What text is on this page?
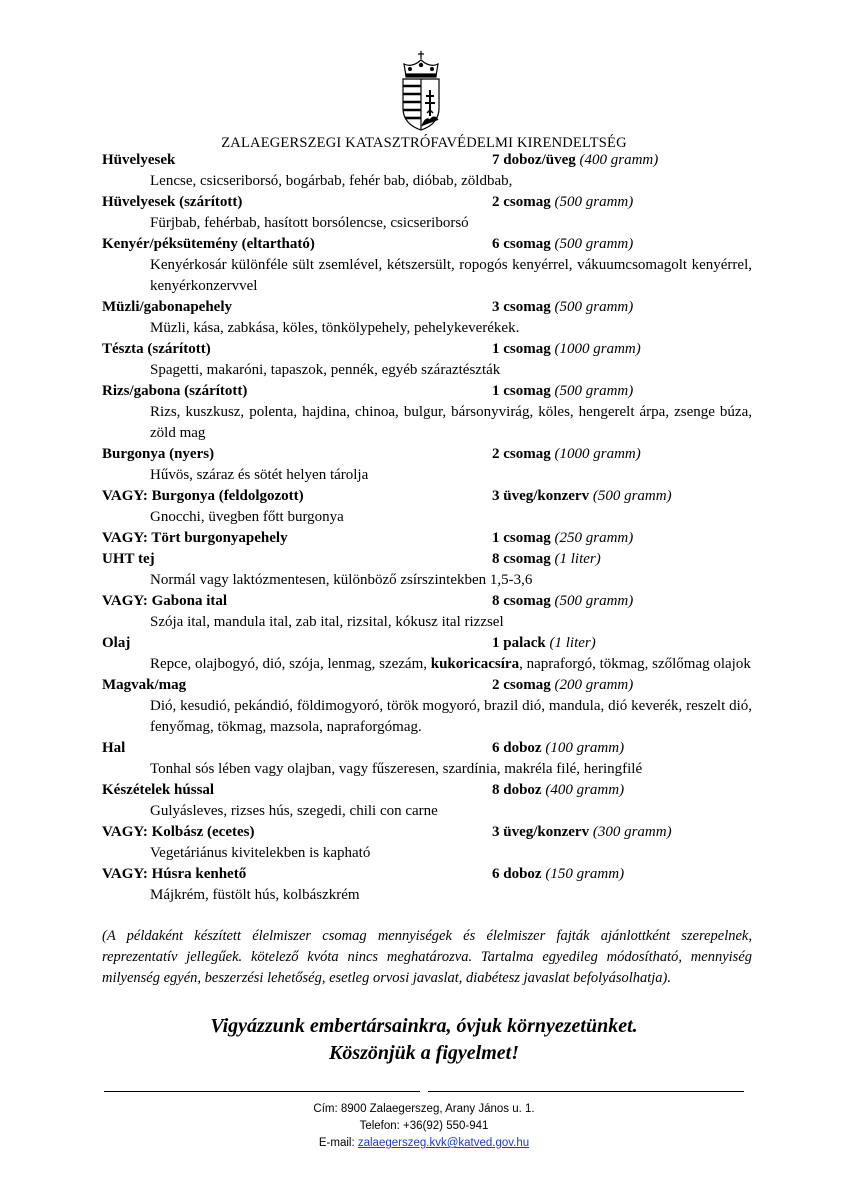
ZALAEGERSZEGI KATASZTRÓFAVÉDELMI KIRENDELTSÉG
Hüvelyesek	7 doboz/üveg (400 gramm)
Lencse, csicseriborsó, bogárbab, fehér bab, dióbab, zöldbab,
Hüvelyesek (szárított)	2 csomag (500 gramm)
Fürjbab, fehérbab, hasított borsólencse, csicseriborsó
Kenyér/péksütemény (eltartható)	6 csomag (500 gramm)
Kenyérkosár különféle sült zsemlével, kétszersült, ropogós kenyérrel, vákuumcsomagolt kenyérrel, kenyérkonzervvel
Müzli/gabonapehely	3 csomag (500 gramm)
Müzli, kása, zabkása, köles, tönkölypehely, pehelykeverékek.
Tészta (szárított)	1 csomag (1000 gramm)
Spagetti, makaróni, tapaszok, pennék, egyéb száraztészták
Rizs/gabona (szárított)	1 csomag (500 gramm)
Rizs, kuszkusz, polenta, hajdina, chinoa, bulgur, bársonyvirág, köles, hengerelt árpa, zsenge búza, zöld mag
Burgonya (nyers)	2 csomag (1000 gramm)
Hűvös, száraz és sötét helyen tárolja
VAGY: Burgonya (feldolgozott)	3 üveg/konzerv (500 gramm)
Gnocchi, üvegben főtt burgonya
VAGY: Tört burgonyapehely	1 csomag (250 gramm)
UHT tej	8 csomag (1 liter)
Normál vagy laktózmentesen, különböző zsírszintekben 1,5-3,6
VAGY: Gabona ital	8 csomag (500 gramm)
Szója ital, mandula ital, zab ital, rizsital, kókusz ital rizzsel
Olaj	1 palack (1 liter)
Repce, olajbogyó, dió, szója, lenmag, szezám, kukoricacsíra, napraforgó, tökmag, szőlőmag olajok
Magvak/mag	2 csomag (200 gramm)
Dió, kesudió, pekándió, földimogyoró, török mogyoró, brazil dió, mandula, dió keverék, reszelt dió, fenyőmag, tökmag, mazsola, napraforgómag.
Hal	6 doboz (100 gramm)
Tonhal sós lében vagy olajban, vagy fűszeresen, szardínia, makréla filé, heringfilé
Készételek hússal	8 doboz (400 gramm)
Gulyásleves, rizses hús, szegedi, chili con carne
VAGY: Kolbász (ecetes)	3 üveg/konzerv (300 gramm)
Vegetáriánus kivitelekben is kapható
VAGY: Húsra kenhető	6 doboz (150 gramm)
Májkrém, füstölt hús, kolbászkrém
(A példaként készített élelmiszer csomag mennyiségek és élelmiszer fajták ajánlottként szerepelnek, reprezentatív jellegűek. kötelező kvóta nincs meghatározva. Tartalma egyedileg módosítható, mennyiség milyenség egyén, beszerzési lehetőség, esetleg orvosi javaslat, diabétesz javaslat befolyásolhatja).
Vigyázzunk embertársainkra, óvjuk környezetünket.
Köszönjük a figyelmet!
Cím: 8900 Zalaegerszeg, Arany János u. 1.
Telefon: +36(92) 550-941
E-mail: zalaegerszeg.kvk@katved.gov.hu
